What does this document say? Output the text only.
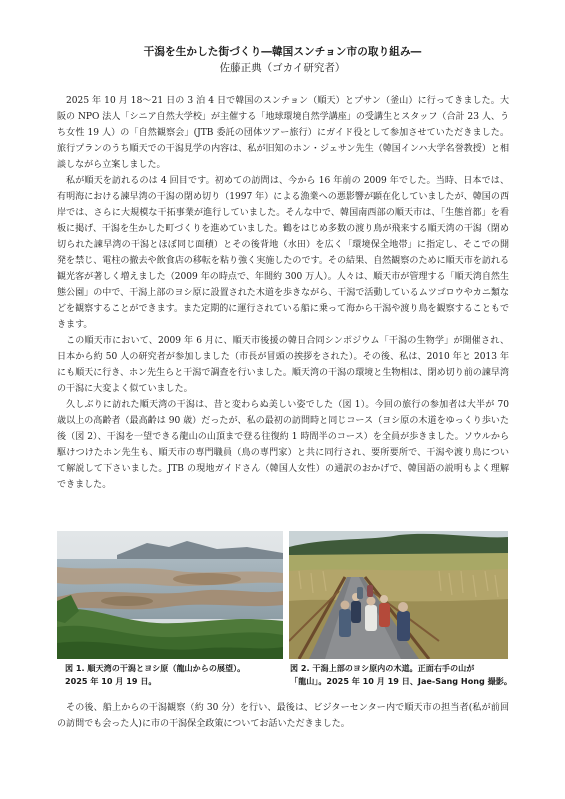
干潟を生かした街づくり―韓国スンチョン市の取り組み―
佐藤正典（ゴカイ研究者）

2025 年 10 月 18～21 日の 3 泊 4 日で韓国のスンチョン（順天）とプサン（釜山）に行ってきました。大阪の NPO 法人「シニア自然大学校」が主催する「地球環境自然学講座」の受講生とスタッフ（合計 23 人、うち女性 19 人）の「自然観察会」(JTB 委託の団体ツアー旅行）にガイド役として参加させていただきました。旅行プランのうち順天での干潟見学の内容は、私が旧知のホン・ジェサン先生（韓国インハ大学名誉教授）と相談しながら立案しました。

私が順天を訪れるのは 4 回目です。初めての訪問は、今から 16 年前の 2009 年でした。当時、日本では、有明海における諫早湾の干潟の閉め切り（1997 年）による漁業への悪影響が顕在化していましたが、韓国の西岸では、さらに大規模な干拓事業が進行していました。そんな中で、韓国南西部の順天市は、「生態首都」を看板に掲げ、干潟を生かした町づくりを進めていました。鶴をはじめ多数の渡り鳥が飛来する順天湾の干潟（閉め切られた諫早湾の干潟とほぼ同じ面積）とその後背地（水田）を広く「環境保全地帯」に指定し、そこでの開発を禁じ、電柱の撤去や飲食店の移転を粘り強く実施したのです。その結果、自然観察のために順天市を訪れる観光客が著しく増えました（2009 年の時点で、年間約 300 万人）。人々は、順天市が管理する「順天湾自然生態公園」の中で、干潟上部のヨシ原に設置された木道を歩きながら、干潟で活動しているムツゴロウやカニ類などを観察することができます。また定期的に運行されている船に乗って海から干潟や渡り鳥を観察することもできます。

この順天市において、2009 年 6 月に、順天市後援の韓日合同シンポジウム「干潟の生物学」が開催され、日本から約 50 人の研究者が参加しました（市長が冒頭の挨拶をされた）。その後、私は、2010 年と 2013 年にも順天に行き、ホン先生らと干潟で調査を行いました。順天湾の干潟の環境と生物相は、閉め切り前の諫早湾の干潟に大変よく似ていました。

久しぶりに訪れた順天湾の干潟は、昔と変わらぬ美しい姿でした（図 1）。今回の旅行の参加者は大半が 70 歳以上の高齢者（最高齢は 90 歳）だったが、私の最初の訪問時と同じコース（ヨシ原の木道をゆっくり歩いた後（図 2）、干潟を一望できる龍山の山頂まで登る往復約 1 時間半のコース）を全員が歩きました。ソウルから駆けつけたホン先生も、順天市の専門職員（鳥の専門家）と共に同行され、要所要所で、干潟や渡り鳥について解説して下さいました。JTB の現地ガイドさん（韓国人女性）の通訳のおかげで、韓国語の説明もよく理解できました。

図 1. 順天湾の干潟とヨシ原（龍山からの展望）。
2025 年 10 月 19 日。
図 2. 干潟上部のヨシ原内の木道。正面右手の山が
「龍山」。2025 年 10 月 19 日、Jae-Sang Hong 撮影。

その後、船上からの干潟観察（約 30 分）を行い、最後は、ビジターセンター内で順天市の担当者(私が前回の訪問でも会った人)に市の干潟保全政策についてお話いただきました。
